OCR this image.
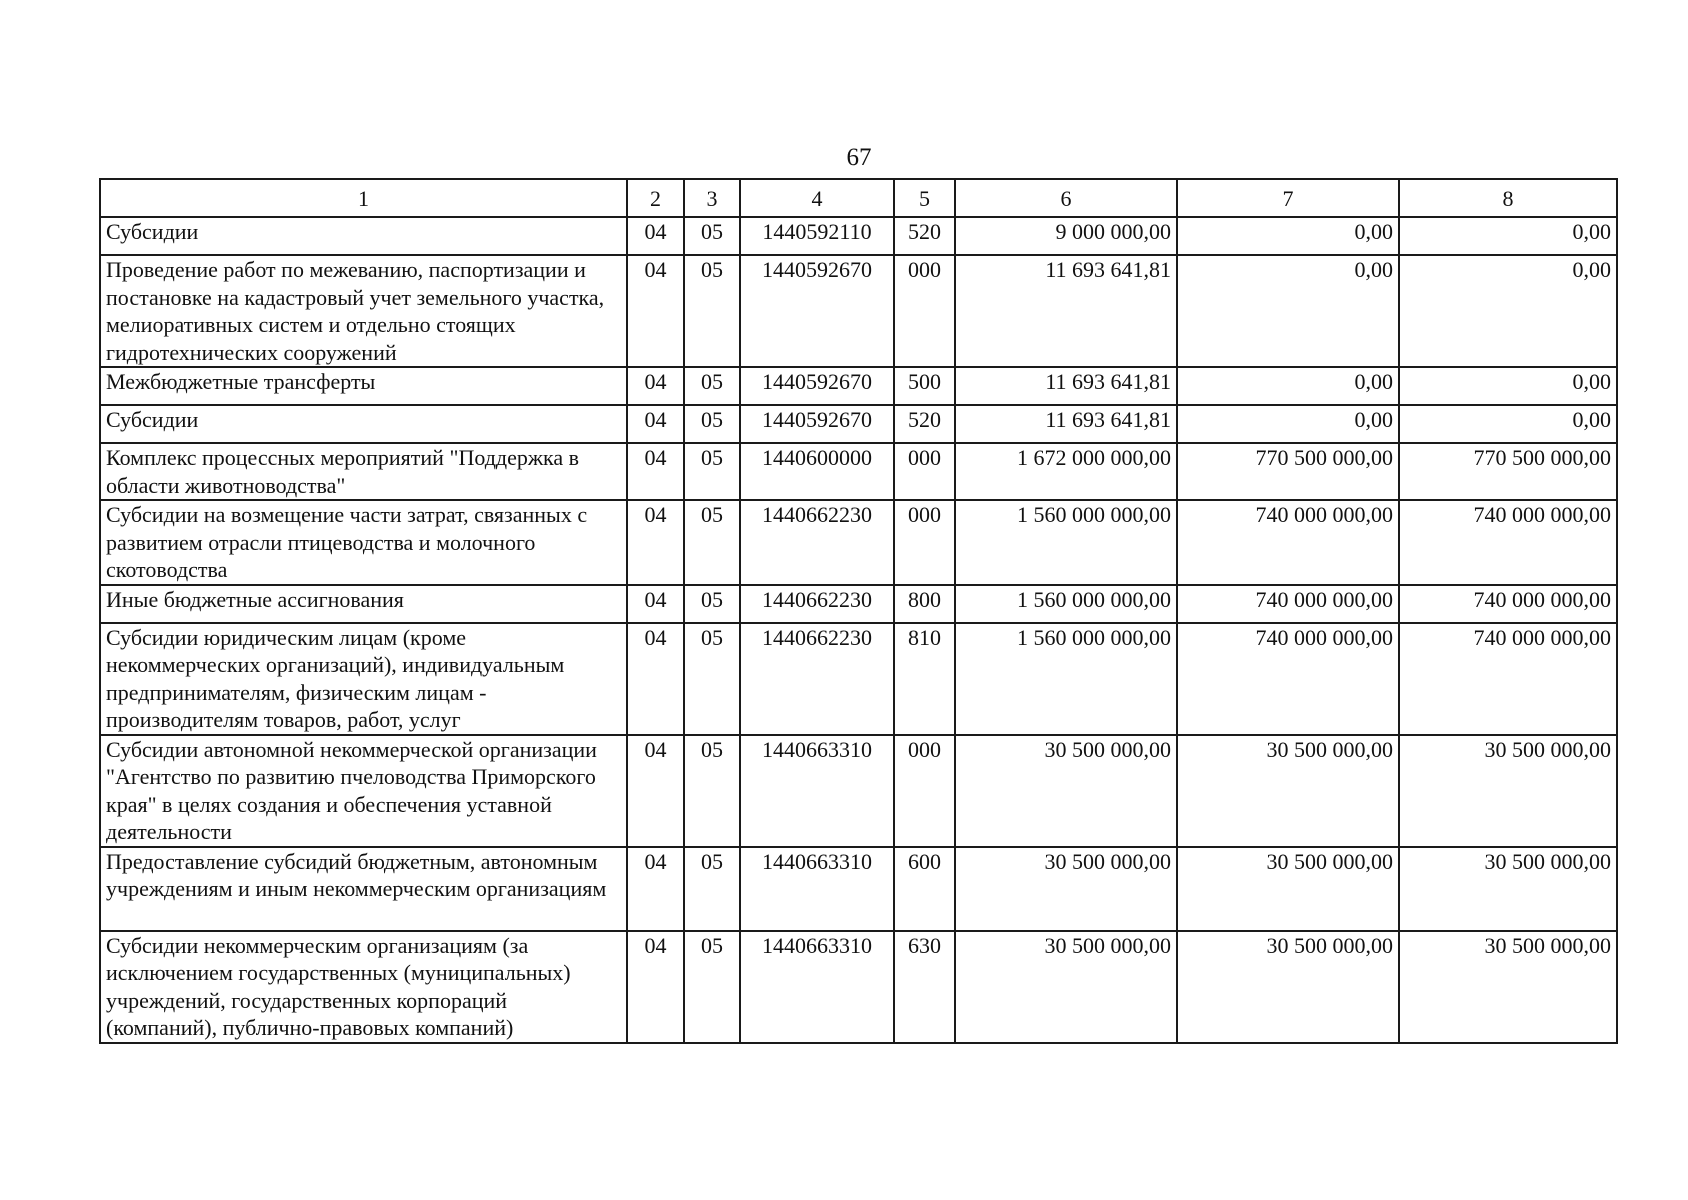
67
1	2	3	4	5	6	7	8
Субсидии	04	05	1440592110	520	9 000 000,00	0,00	0,00
Проведение работ по межеванию, паспортизации и постановке на кадастровый учет земельного участка, мелиоративных систем и отдельно стоящих гидротехнических сооружений	04	05	1440592670	000	11 693 641,81	0,00	0,00
Межбюджетные трансферты	04	05	1440592670	500	11 693 641,81	0,00	0,00
Субсидии	04	05	1440592670	520	11 693 641,81	0,00	0,00
Комплекс процессных мероприятий "Поддержка в области животноводства"	04	05	1440600000	000	1 672 000 000,00	770 500 000,00	770 500 000,00
Субсидии на возмещение части затрат, связанных с развитием отрасли птицеводства и молочного скотоводства	04	05	1440662230	000	1 560 000 000,00	740 000 000,00	740 000 000,00
Иные бюджетные ассигнования	04	05	1440662230	800	1 560 000 000,00	740 000 000,00	740 000 000,00
Субсидии юридическим лицам (кроме некоммерческих организаций), индивидуальным предпринимателям, физическим лицам - производителям товаров, работ, услуг	04	05	1440662230	810	1 560 000 000,00	740 000 000,00	740 000 000,00
Субсидии автономной некоммерческой организации "Агентство по развитию пчеловодства Приморского края" в целях создания и обеспечения уставной деятельности	04	05	1440663310	000	30 500 000,00	30 500 000,00	30 500 000,00
Предоставление субсидий бюджетным, автономным учреждениям и иным некоммерческим организациям	04	05	1440663310	600	30 500 000,00	30 500 000,00	30 500 000,00
Субсидии некоммерческим организациям (за исключением государственных (муниципальных) учреждений, государственных корпораций (компаний), публично-правовых компаний)	04	05	1440663310	630	30 500 000,00	30 500 000,00	30 500 000,00
